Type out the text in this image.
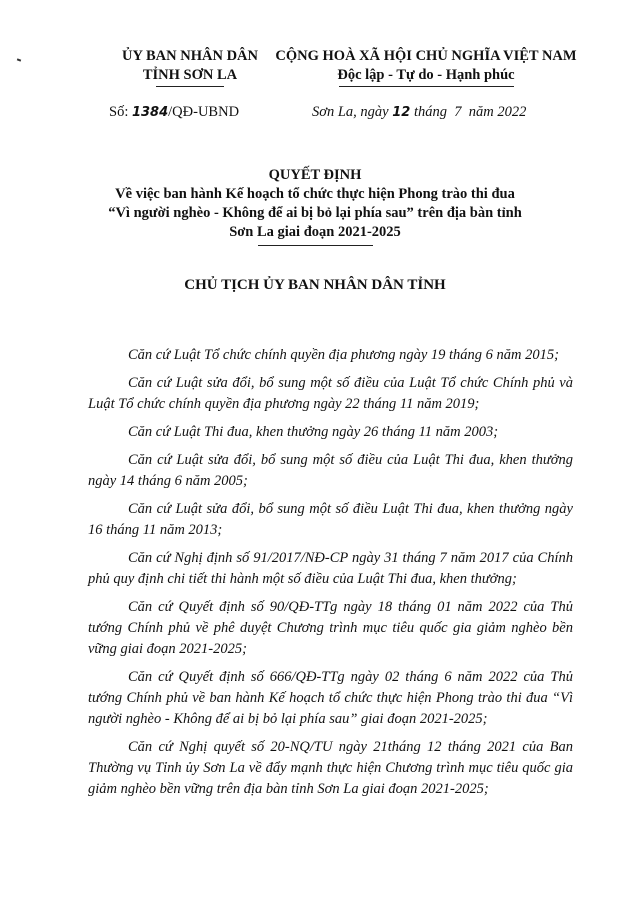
ỦY BAN NHÂN DÂN
TỈNH SƠN LA
CỘNG HOÀ XÃ HỘI CHỦ NGHĨA VIỆT NAM
Độc lập - Tự do - Hạnh phúc
Số: 1384/QĐ-UBND	Sơn La, ngày 12 tháng  7  năm 2022
QUYẾT ĐỊNH
Về việc ban hành Kế hoạch tổ chức thực hiện Phong trào thi đua
“Vì người nghèo - Không để ai bị bỏ lại phía sau” trên địa bàn tỉnh
Sơn La giai đoạn 2021-2025
CHỦ TỊCH ỦY BAN NHÂN DÂN TỈNH

Căn cứ Luật Tổ chức chính quyền địa phương ngày 19 tháng 6 năm 2015;

Căn cứ Luật sửa đổi, bổ sung một số điều của Luật Tổ chức Chính phủ và Luật Tổ chức chính quyền địa phương ngày 22 tháng 11 năm 2019;

Căn cứ Luật Thi đua, khen thưởng ngày 26 tháng 11 năm 2003;

Căn cứ Luật sửa đổi, bổ sung một số điều của Luật Thi đua, khen thưởng ngày 14 tháng 6 năm 2005;

Căn cứ Luật sửa đổi, bổ sung một số điều Luật Thi đua, khen thưởng ngày 16 tháng 11 năm 2013;

Căn cứ Nghị định số 91/2017/NĐ-CP ngày 31 tháng 7 năm 2017 của Chính phủ quy định chi tiết thi hành một số điều của Luật Thi đua, khen thưởng;

Căn cứ Quyết định số 90/QĐ-TTg ngày 18 tháng 01 năm 2022 của Thủ tướng Chính phủ về phê duyệt Chương trình mục tiêu quốc gia giảm nghèo bền vững giai đoạn 2021-2025;

Căn cứ Quyết định số 666/QĐ-TTg ngày 02 tháng 6 năm 2022 của Thủ tướng Chính phủ về ban hành Kế hoạch tổ chức thực hiện Phong trào thi đua “Vì người nghèo - Không để ai bị bỏ lại phía sau” giai đoạn 2021-2025;

Căn cứ Nghị quyết số 20-NQ/TU ngày 21tháng 12 tháng 2021 của Ban Thường vụ Tỉnh ủy Sơn La về đẩy mạnh thực hiện Chương trình mục tiêu quốc gia giảm nghèo bền vững trên địa bàn tỉnh Sơn La giai đoạn 2021-2025;
